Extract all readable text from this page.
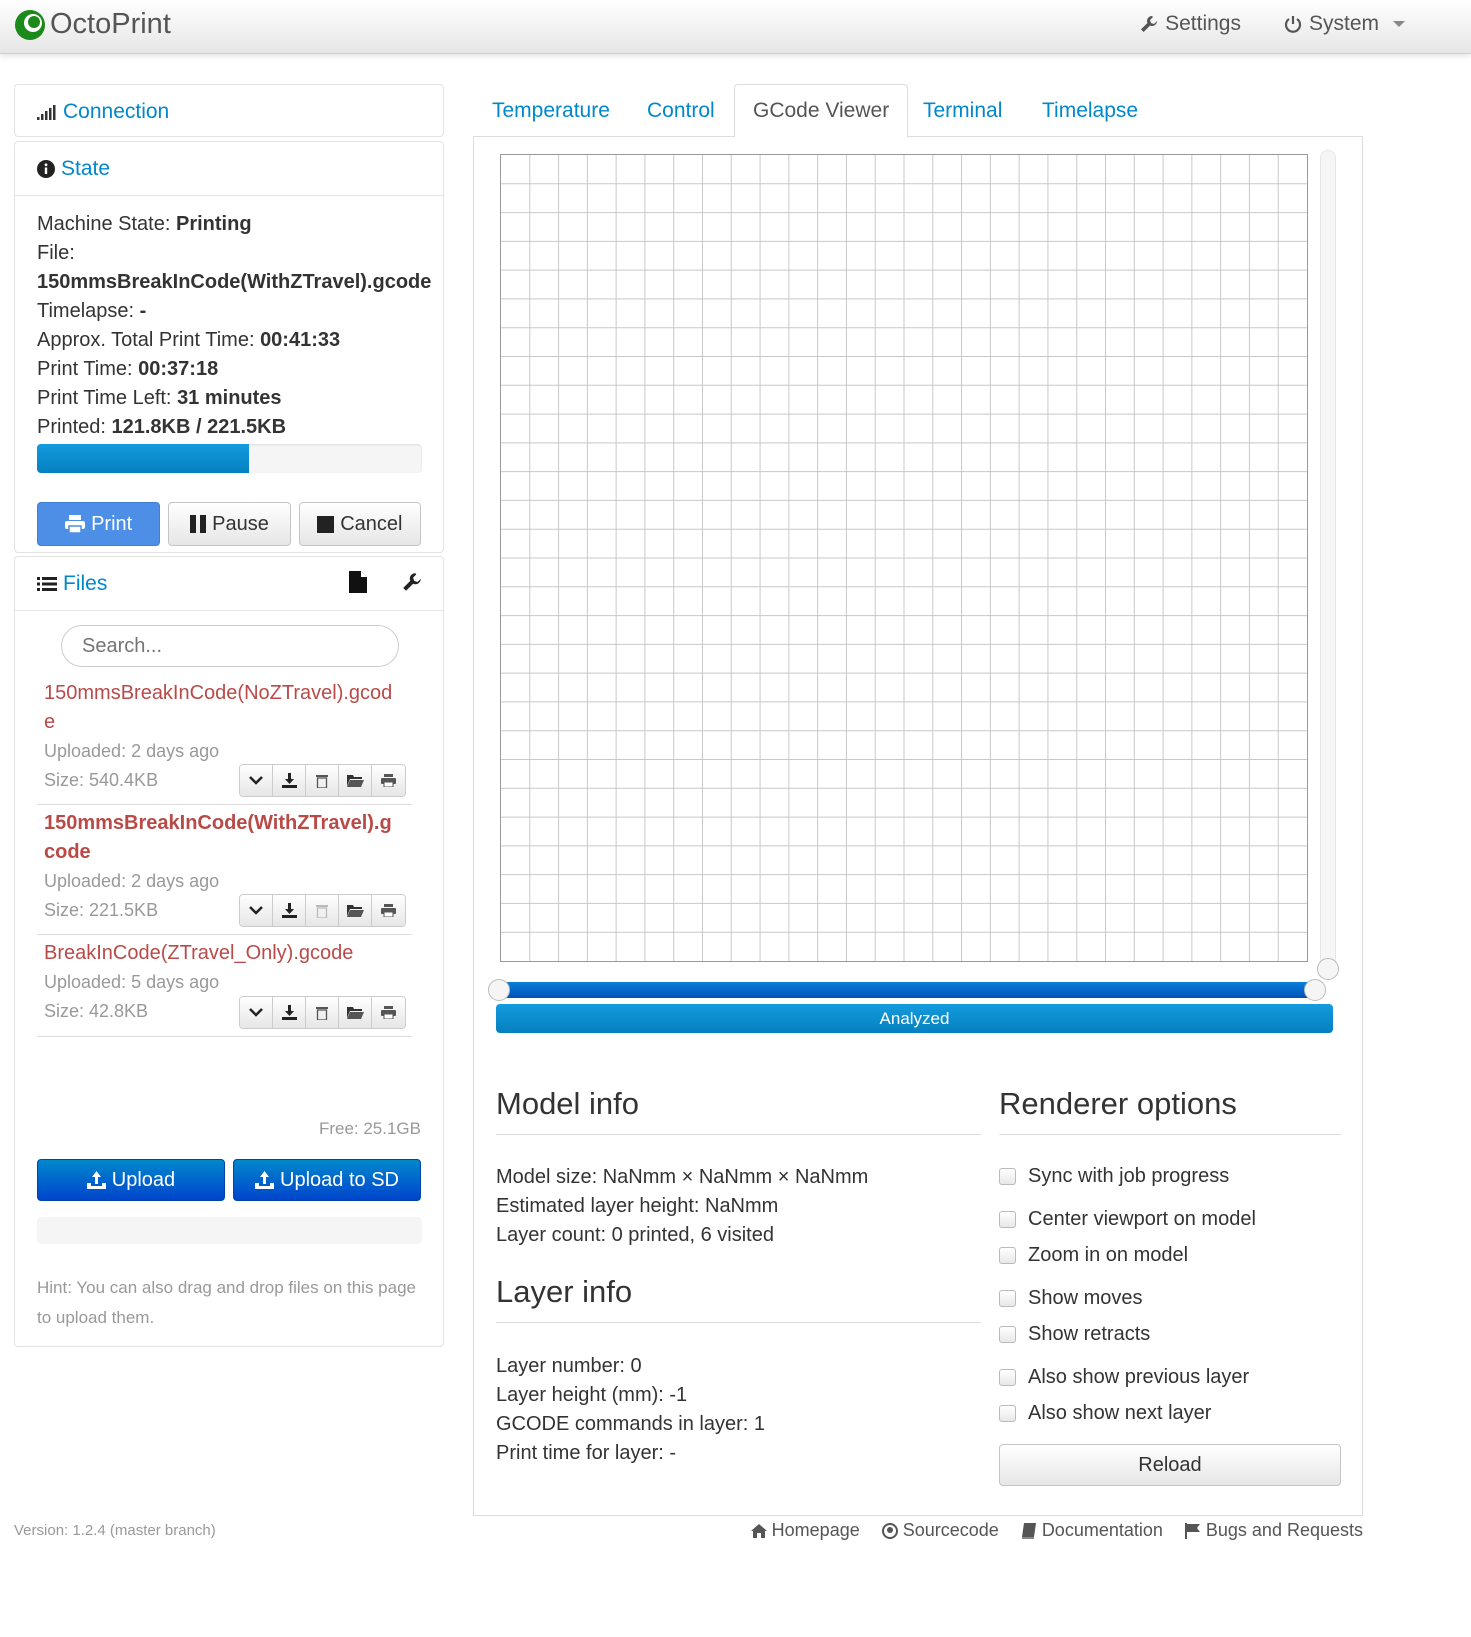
OctoPrint	Settings	System
Connection
State
Machine State: Printing
File:
150mmsBreakInCode(WithZTravel).gcode
Timelapse: -
Approx. Total Print Time: 00:41:33
Print Time: 00:37:18
Print Time Left: 31 minutes
Printed: 121.8KB / 221.5KB
Print	Pause	Cancel
Files
Search...
150mmsBreakInCode(NoZTravel).gcode
Uploaded: 2 days ago
Size: 540.4KB
150mmsBreakInCode(WithZTravel).gcode
Uploaded: 2 days ago
Size: 221.5KB
BreakInCode(ZTravel_Only).gcode
Uploaded: 5 days ago
Size: 42.8KB
Free: 25.1GB
Upload	Upload to SD
Hint: You can also drag and drop files on this page to upload them.
Temperature Control	GCode Viewer	Terminal Timelapse
Analyzed
Model info
Model size: NaNmm × NaNmm × NaNmm
Estimated layer height: NaNmm
Layer count: 0 printed, 6 visited
Layer info
Layer number: 0
Layer height (mm): -1
GCODE commands in layer: 1
Print time for layer: -
Renderer options
Sync with job progress
Center viewport on model
Zoom in on model
Show moves
Show retracts
Also show previous layer
Also show next layer
Reload
Version: 1.2.4 (master branch)	Homepage Sourcecode Documentation Bugs and Requests
